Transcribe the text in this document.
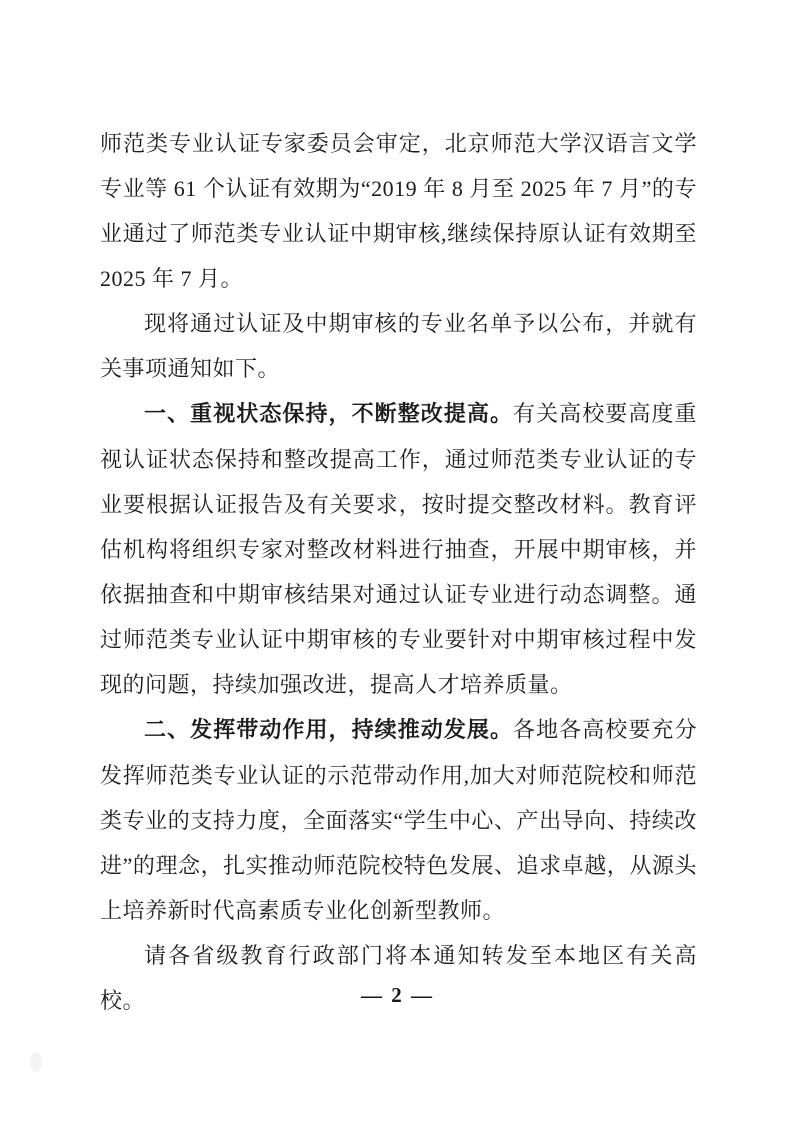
师范类专业认证专家委员会审定，北京师范大学汉语言文学专业等 61 个认证有效期为“2019 年 8 月至 2025 年 7 月”的专业通过了师范类专业认证中期审核,继续保持原认证有效期至 2025 年 7 月。

现将通过认证及中期审核的专业名单予以公布，并就有关事项通知如下。

一、重视状态保持，不断整改提高。有关高校要高度重视认证状态保持和整改提高工作，通过师范类专业认证的专业要根据认证报告及有关要求，按时提交整改材料。教育评估机构将组织专家对整改材料进行抽查，开展中期审核，并依据抽查和中期审核结果对通过认证专业进行动态调整。通过师范类专业认证中期审核的专业要针对中期审核过程中发现的问题，持续加强改进，提高人才培养质量。

二、发挥带动作用，持续推动发展。各地各高校要充分发挥师范类专业认证的示范带动作用,加大对师范院校和师范类专业的支持力度，全面落实“学生中心、产出导向、持续改进”的理念，扎实推动师范院校特色发展、追求卓越，从源头上培养新时代高素质专业化创新型教师。

请各省级教育行政部门将本通知转发至本地区有关高校。	— 2 —
